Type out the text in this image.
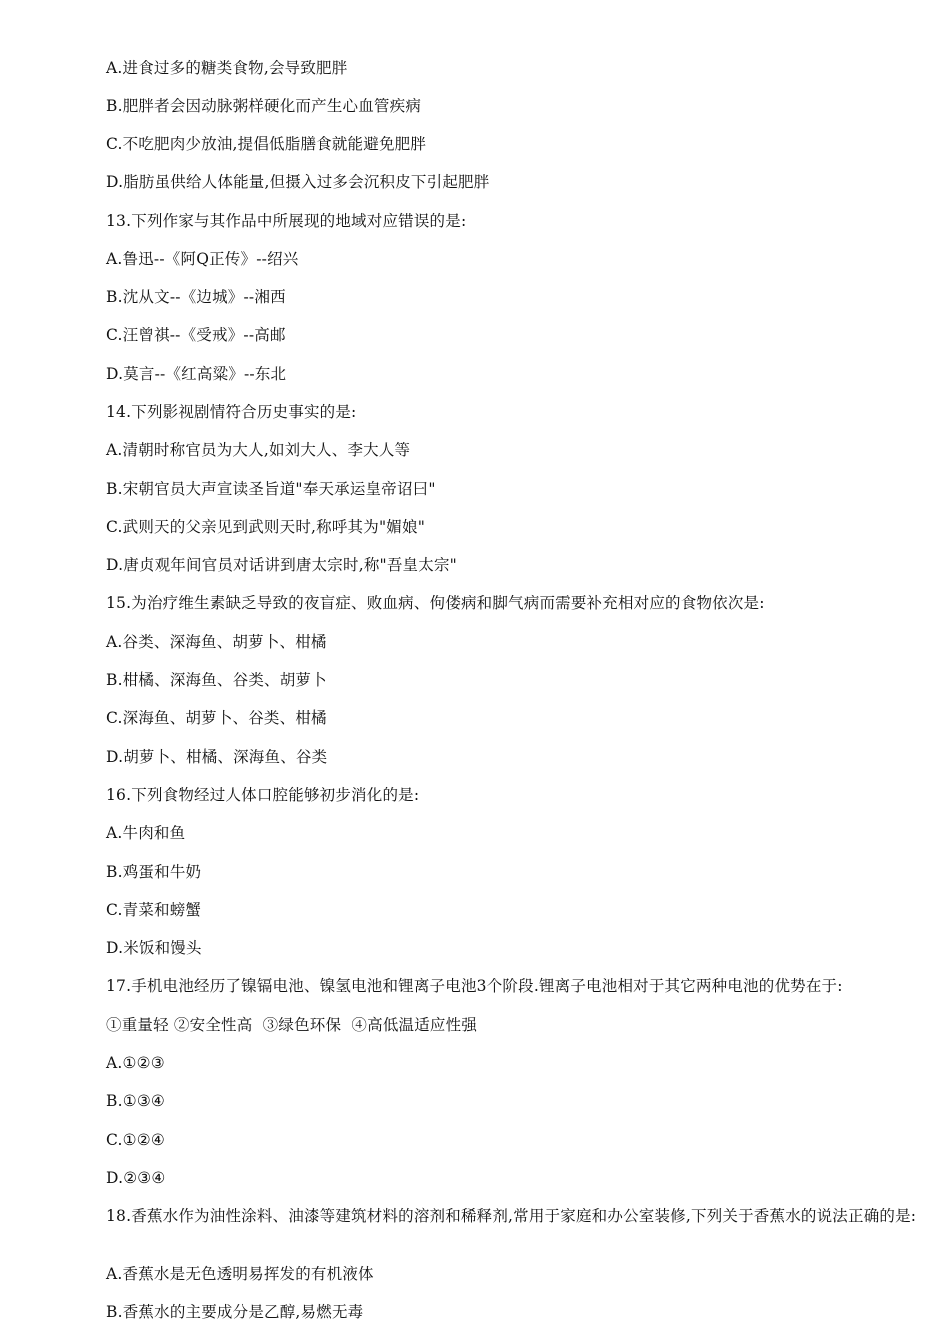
A.进食过多的糖类食物,会导致肥胖
B.肥胖者会因动脉粥样硬化而产生心血管疾病
C.不吃肥肉少放油,提倡低脂膳食就能避免肥胖
D.脂肪虽供给人体能量,但摄入过多会沉积皮下引起肥胖
13.下列作家与其作品中所展现的地域对应错误的是:
A.鲁迅--《阿Q正传》--绍兴
B.沈从文--《边城》--湘西
C.汪曾祺--《受戒》--高邮
D.莫言--《红高粱》--东北
14.下列影视剧情符合历史事实的是:
A.清朝时称官员为大人,如刘大人、李大人等
B.宋朝官员大声宣读圣旨道"奉天承运皇帝诏曰"
C.武则天的父亲见到武则天时,称呼其为"媚娘"
D.唐贞观年间官员对话讲到唐太宗时,称"吾皇太宗"
15.为治疗维生素缺乏导致的夜盲症、败血病、佝偻病和脚气病而需要补充相对应的食物依次是:
A.谷类、深海鱼、胡萝卜、柑橘
B.柑橘、深海鱼、谷类、胡萝卜
C.深海鱼、胡萝卜、谷类、柑橘
D.胡萝卜、柑橘、深海鱼、谷类
16.下列食物经过人体口腔能够初步消化的是:
A.牛肉和鱼
B.鸡蛋和牛奶
C.青菜和螃蟹
D.米饭和馒头
17.手机电池经历了镍镉电池、镍氢电池和锂离子电池3个阶段.锂离子电池相对于其它两种电池的优势在于:
①重量轻 ②安全性高  ③绿色环保  ④高低温适应性强
A.①②③
B.①③④
C.①②④
D.②③④
18.香蕉水作为油性涂料、油漆等建筑材料的溶剂和稀释剂,常用于家庭和办公室装修,下列关于香蕉水的说法正确的是:
A.香蕉水是无色透明易挥发的有机液体
B.香蕉水的主要成分是乙醇,易燃无毒
